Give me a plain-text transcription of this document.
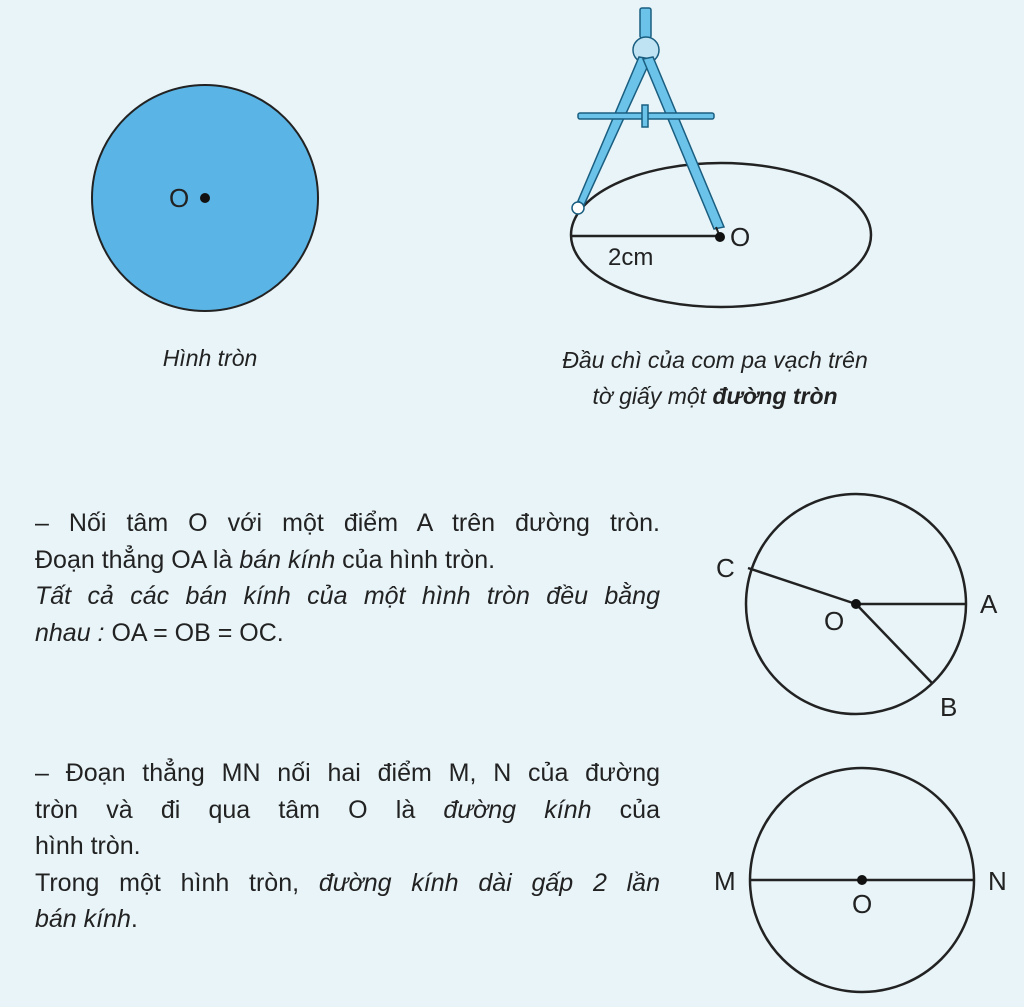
O
Hình tròn
O
2cm
Đầu chì của com pa vạch trên
tờ giấy một đường tròn

– Nối tâm O với một điểm A trên đường tròn.

Đoạn thẳng OA là bán kính của hình tròn.

Tất cả các bán kính của một hình tròn đều bằng

nhau : OA = OB = OC.	O
A
B
C

– Đoạn thẳng MN nối hai điểm M, N của đường

tròn và đi qua tâm O là đường kính của

hình tròn.

Trong một hình tròn, đường kính dài gấp 2 lần

bán kính.	O
M	N
